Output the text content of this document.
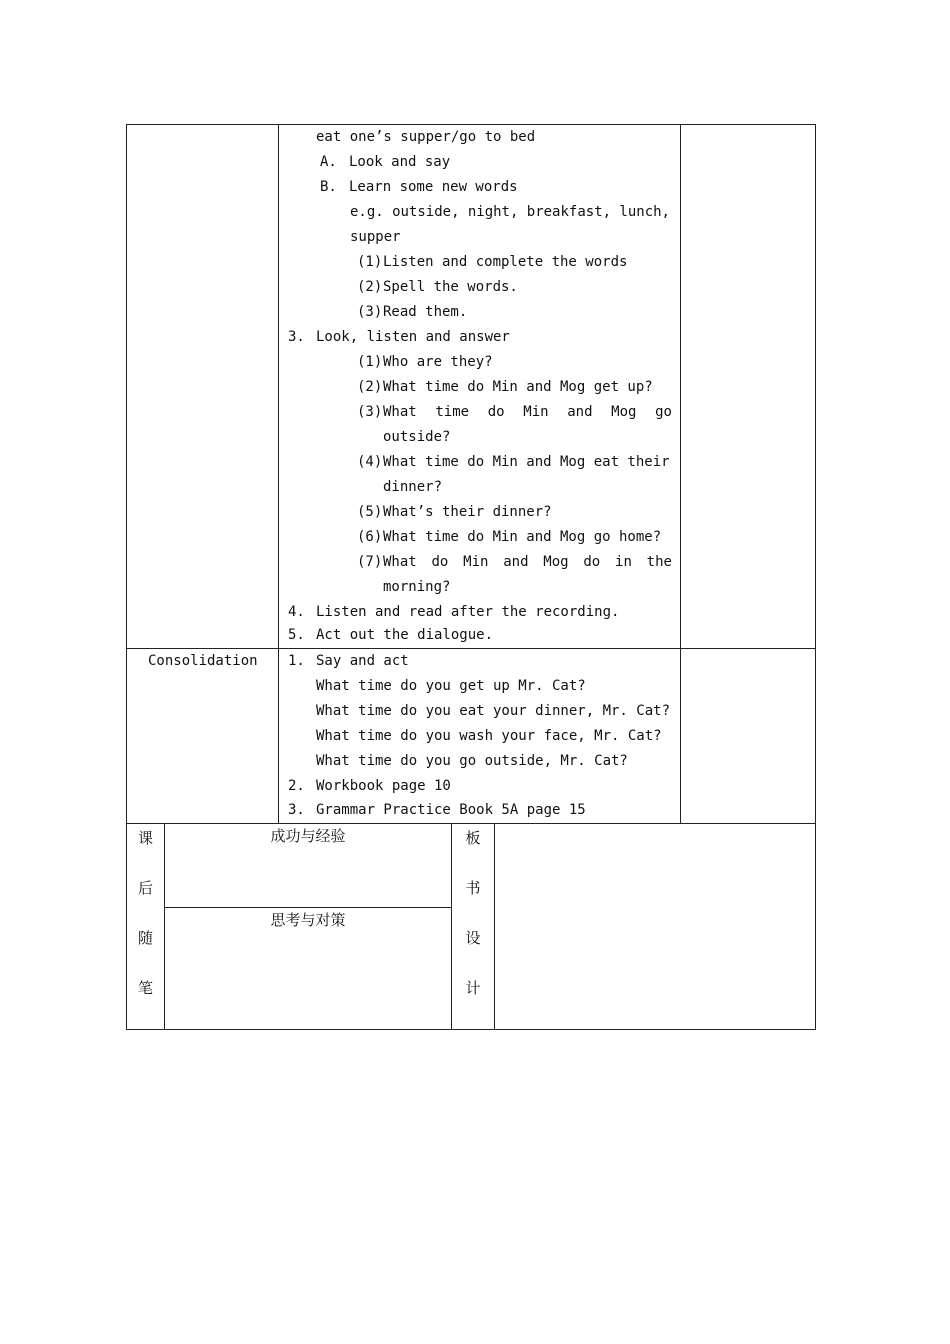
eat one’s supper/go to bed
A. Look and say
B. Learn some new words
e.g. outside, night, breakfast, lunch,
supper
(1) Listen and complete the words
(2) Spell the words.
(3) Read them.
3. Look, listen and answer
(1) Who are they?
(2) What time do Min and Mog get up?
(3) What time do Min and Mog go
outside?
(4) What time do Min and Mog eat their
dinner?
(5) What’s their dinner?
(6) What time do Min and Mog go home?
(7) What do Min and Mog do in the
morning?
4. Listen and read after the recording.
5. Act out the dialogue.
Consolidation 1. Say and act
What time do you get up Mr. Cat?
What time do you eat your dinner, Mr. Cat?
What time do you wash your face, Mr. Cat?
What time do you go outside, Mr. Cat?
2. Workbook page 10
3. Grammar Practice Book 5A page 15
课
后
随
笔
成功与经验
思考与对策
板
书
设
计
